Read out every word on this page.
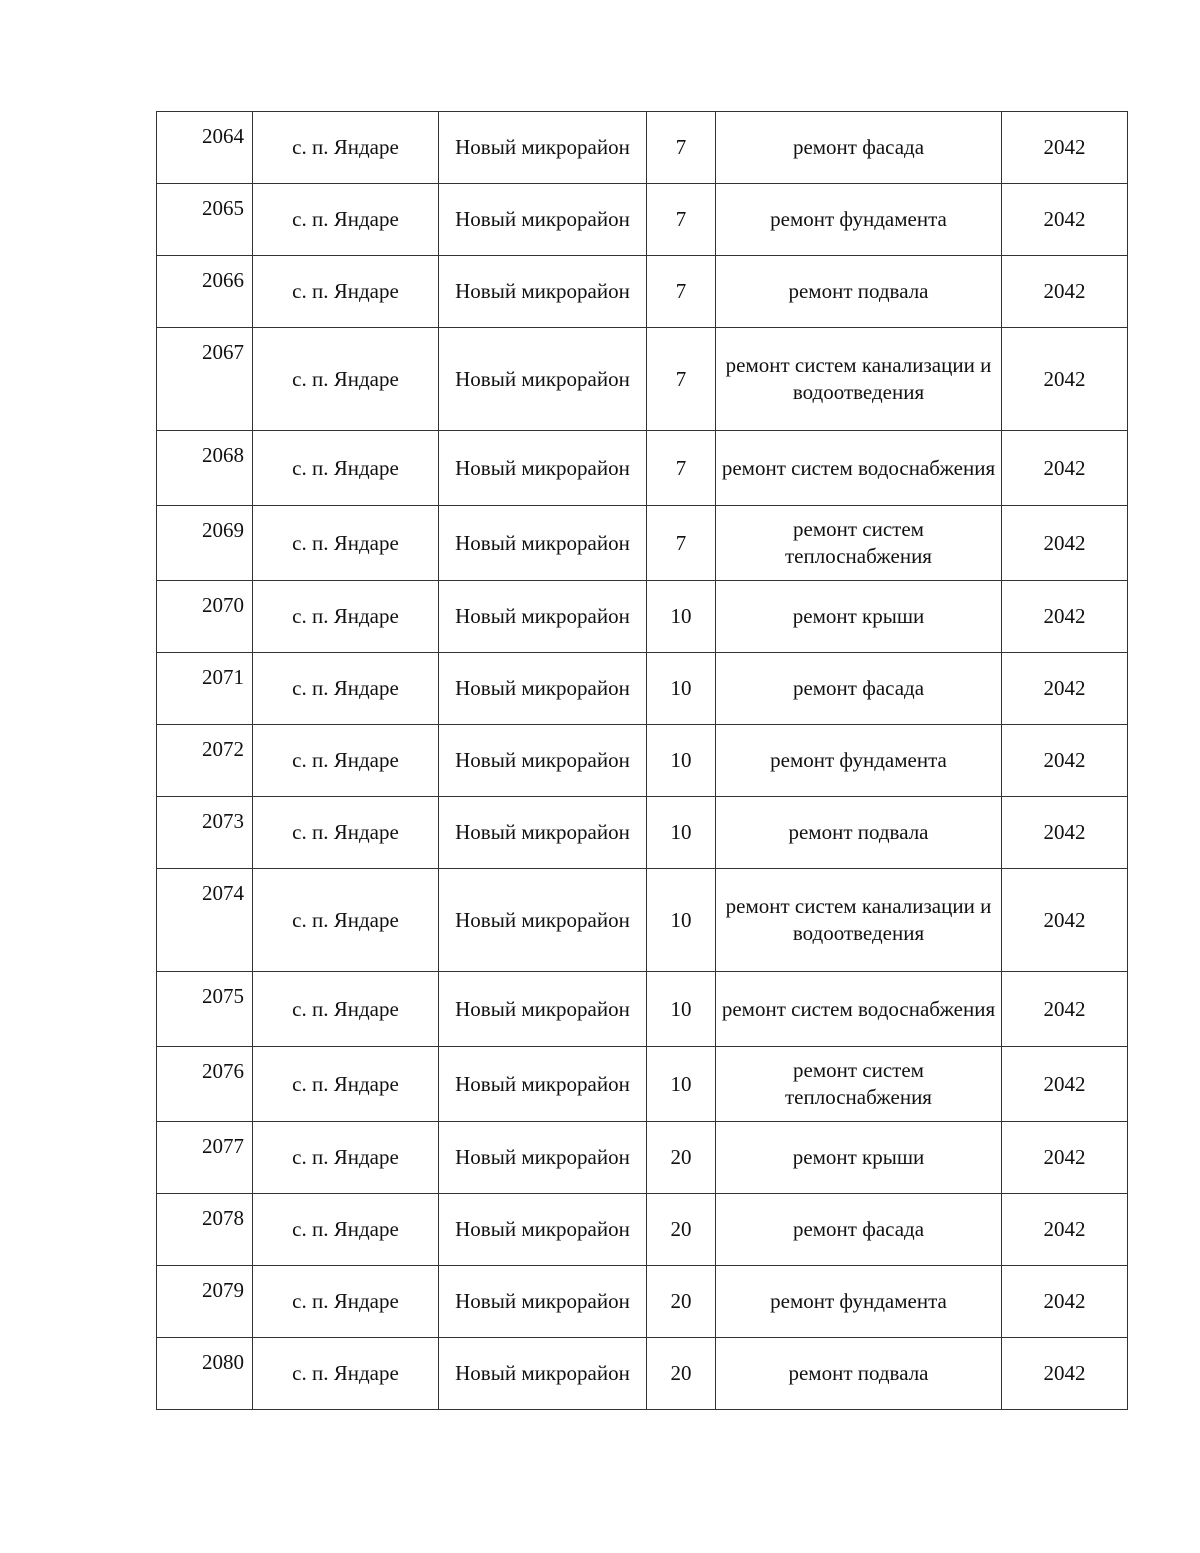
2064	с. п. Яндаре	Новый микрорайон	7	ремонт фасада	2042
2065	с. п. Яндаре	Новый микрорайон	7	ремонт фундамента	2042
2066	с. п. Яндаре	Новый микрорайон	7	ремонт подвала	2042
2067	с. п. Яндаре	Новый микрорайон	7	ремонт систем канализации и водоотведения	2042
2068	с. п. Яндаре	Новый микрорайон	7	ремонт систем водоснабжения	2042
2069	с. п. Яндаре	Новый микрорайон	7	ремонт систем теплоснабжения	2042
2070	с. п. Яндаре	Новый микрорайон	10	ремонт крыши	2042
2071	с. п. Яндаре	Новый микрорайон	10	ремонт фасада	2042
2072	с. п. Яндаре	Новый микрорайон	10	ремонт фундамента	2042
2073	с. п. Яндаре	Новый микрорайон	10	ремонт подвала	2042
2074	с. п. Яндаре	Новый микрорайон	10	ремонт систем канализации и водоотведения	2042
2075	с. п. Яндаре	Новый микрорайон	10	ремонт систем водоснабжения	2042
2076	с. п. Яндаре	Новый микрорайон	10	ремонт систем теплоснабжения	2042
2077	с. п. Яндаре	Новый микрорайон	20	ремонт крыши	2042
2078	с. п. Яндаре	Новый микрорайон	20	ремонт фасада	2042
2079	с. п. Яндаре	Новый микрорайон	20	ремонт фундамента	2042
2080	с. п. Яндаре	Новый микрорайон	20	ремонт подвала	2042
